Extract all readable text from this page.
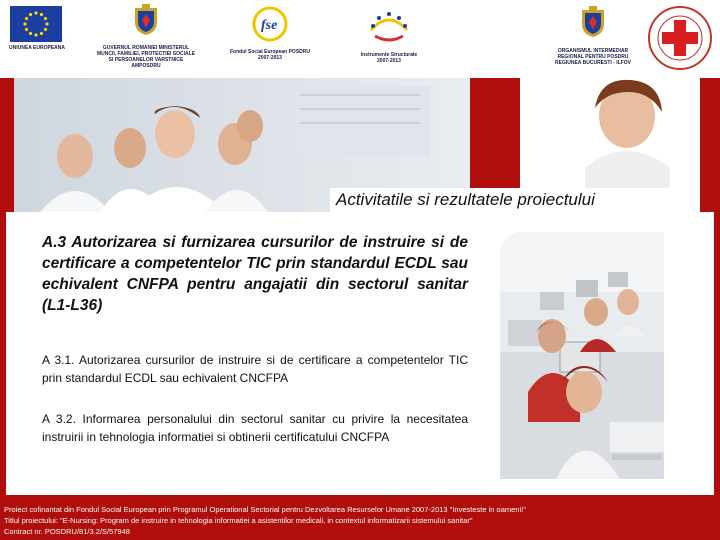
UNIUNEA EUROPEANA	GUVERNUL ROMANIEI MINISTERUL MUNCII, FAMILIEI, PROTECTIEI SOCIALE SI PERSOANELOR VARSTNICE AMPOSDRU
fse
Fondul Social European POSDRU 2007-2013	Instrumente Structurale 2007-2013
ORGANISMUL INTERMEDIAR REGIONAL PENTRU POSDRU REGIUNEA BUCURESTI - ILFOV
Activitatile si rezultatele proiectului

A.3 Autorizarea si furnizarea cursurilor de instruire si de certificare a competentelor TIC prin standardul ECDL sau echivalent CNFPA pentru angajatii din sectorul sanitar (L1-L36)

A 3.1. Autorizarea cursurilor de instruire si de certificare a competentelor TIC prin standardul ECDL sau echivalent CNCFPA

A 3.2. Informarea personalului din sectorul sanitar cu privire la necesitatea instruirii in tehnologia informatiei si obtinerii certificatului CNCFPA

Proiect cofinantat din Fondul Social European prin Programul Operational Sectorial pentru Dezvoltarea Resurselor Umane 2007-2013 "Investeste in oameni!"
Titlul proiectului: "E-Nursing: Program de instruire in tehnologia informatiei a asistentilor medicali, in contextul informatizarii sistemului sanitar"
Contract nr. POSDRU/81/3.2/S/57948
